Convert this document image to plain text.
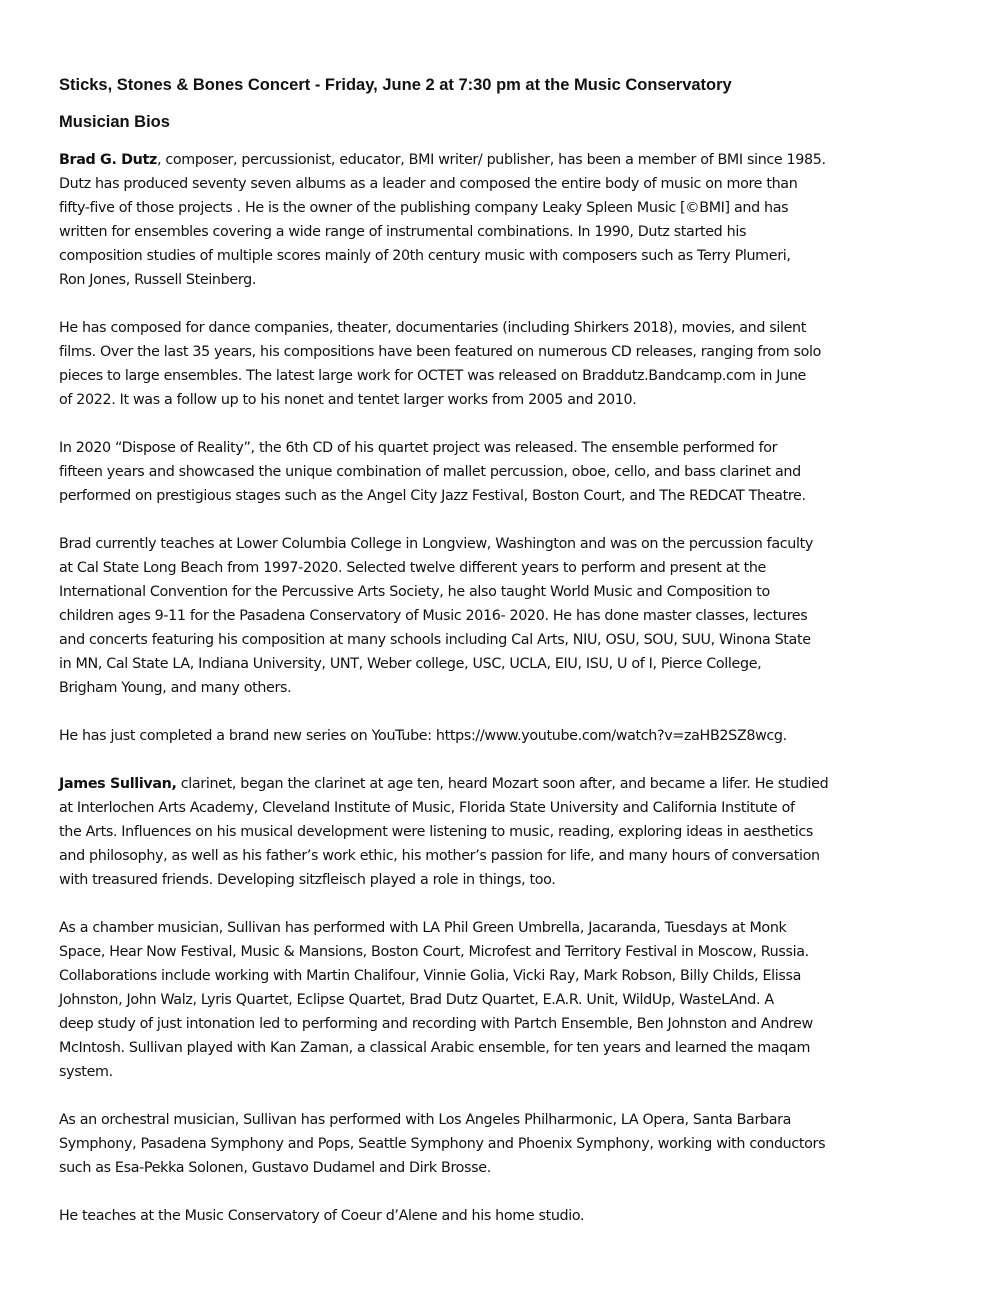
Sticks, Stones & Bones Concert - Friday, June 2 at 7:30 pm at the Music Conservatory
Musician Bios

Brad G. Dutz, composer, percussionist, educator, BMI writer/ publisher, has been a member of BMI since 1985.
Dutz has produced seventy seven albums as a leader and composed the entire body of music on more than
fifty-five of those projects . He is the owner of the publishing company Leaky Spleen Music [©BMI] and has
written for ensembles covering a wide range of instrumental combinations. In 1990, Dutz started his
composition studies of multiple scores mainly of 20th century music with composers such as Terry Plumeri,
Ron Jones, Russell Steinberg.

He has composed for dance companies, theater, documentaries (including Shirkers 2018), movies, and silent
films. Over the last 35 years, his compositions have been featured on numerous CD releases, ranging from solo
pieces to large ensembles. The latest large work for OCTET was released on Braddutz.Bandcamp.com in June
of 2022. It was a follow up to his nonet and tentet larger works from 2005 and 2010.

In 2020 “Dispose of Reality”, the 6th CD of his quartet project was released. The ensemble performed for
fifteen years and showcased the unique combination of mallet percussion, oboe, cello, and bass clarinet and
performed on prestigious stages such as the Angel City Jazz Festival, Boston Court, and The REDCAT Theatre.

Brad currently teaches at Lower Columbia College in Longview, Washington and was on the percussion faculty
at Cal State Long Beach from 1997-2020. Selected twelve different years to perform and present at the
International Convention for the Percussive Arts Society, he also taught World Music and Composition to
children ages 9-11 for the Pasadena Conservatory of Music 2016- 2020. He has done master classes, lectures
and concerts featuring his composition at many schools including Cal Arts, NIU, OSU, SOU, SUU, Winona State
in MN, Cal State LA, Indiana University, UNT, Weber college, USC, UCLA, EIU, ISU, U of I, Pierce College,
Brigham Young, and many others.

He has just completed a brand new series on YouTube: https://www.youtube.com/watch?v=zaHB2SZ8wcg.

James Sullivan, clarinet, began the clarinet at age ten, heard Mozart soon after, and became a lifer. He studied
at Interlochen Arts Academy, Cleveland Institute of Music, Florida State University and California Institute of
the Arts. Influences on his musical development were listening to music, reading, exploring ideas in aesthetics
and philosophy, as well as his father’s work ethic, his mother’s passion for life, and many hours of conversation
with treasured friends. Developing sitzfleisch played a role in things, too.

As a chamber musician, Sullivan has performed with LA Phil Green Umbrella, Jacaranda, Tuesdays at Monk
Space, Hear Now Festival, Music & Mansions, Boston Court, Microfest and Territory Festival in Moscow, Russia.
Collaborations include working with Martin Chalifour, Vinnie Golia, Vicki Ray, Mark Robson, Billy Childs, Elissa
Johnston, John Walz, Lyris Quartet, Eclipse Quartet, Brad Dutz Quartet, E.A.R. Unit, WildUp, WasteLAnd. A
deep study of just intonation led to performing and recording with Partch Ensemble, Ben Johnston and Andrew
McIntosh. Sullivan played with Kan Zaman, a classical Arabic ensemble, for ten years and learned the maqam
system.

As an orchestral musician, Sullivan has performed with Los Angeles Philharmonic, LA Opera, Santa Barbara
Symphony, Pasadena Symphony and Pops, Seattle Symphony and Phoenix Symphony, working with conductors
such as Esa-Pekka Solonen, Gustavo Dudamel and Dirk Brosse.

He teaches at the Music Conservatory of Coeur d’Alene and his home studio.
